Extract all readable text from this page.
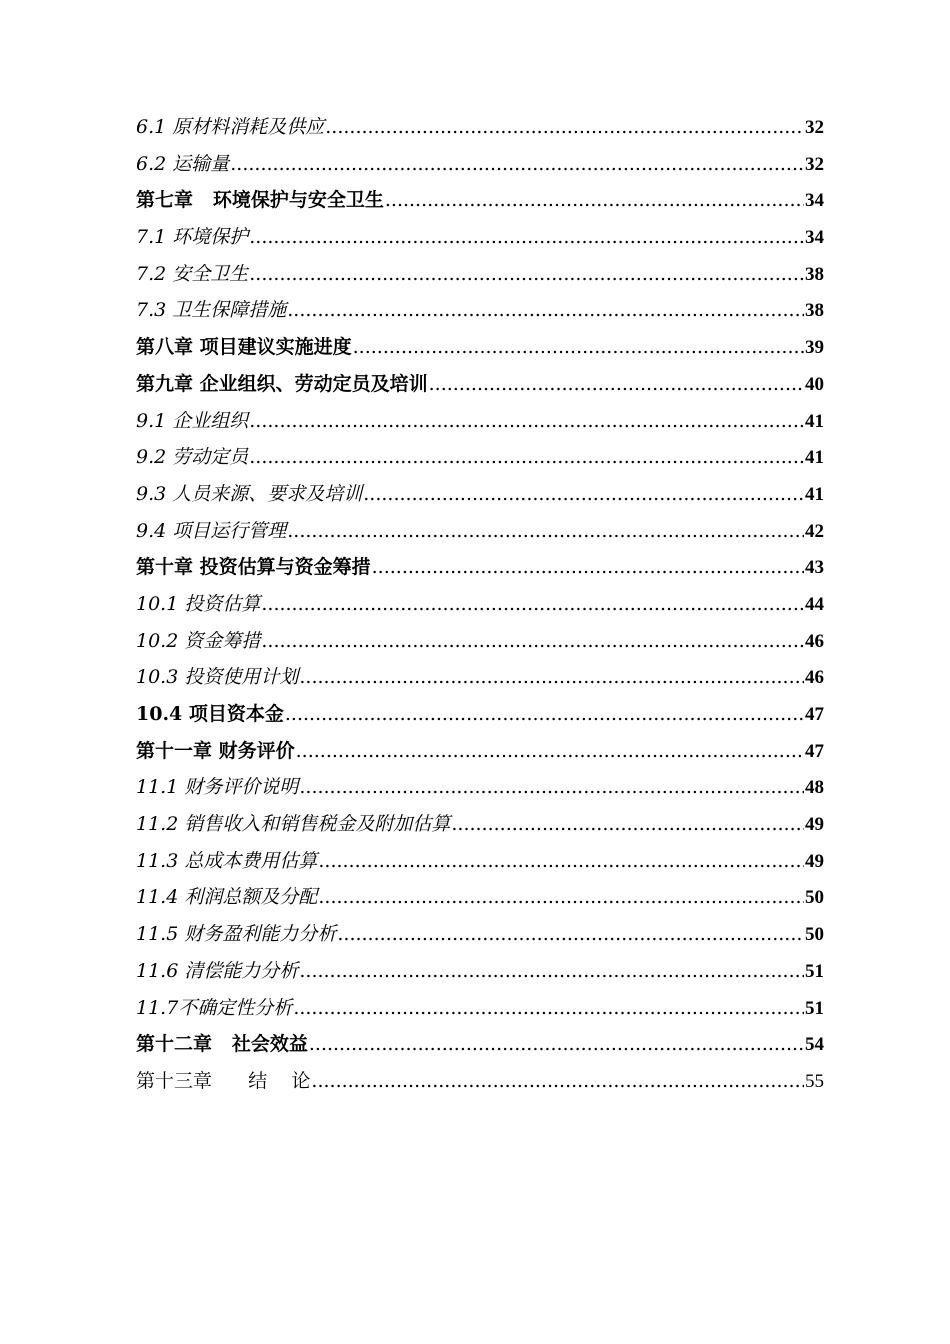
6.1 原材料消耗及供应 .....	32
6.2 运输量 .....	32
第七章   环境保护与安全卫生 .....	34
7.1 环境保护 .....	34
7.2 安全卫生 .....	38
7.3 卫生保障措施 .....	38
第八章 项目建议实施进度 .....	39
第九章 企业组织、劳动定员及培训 .....	40
9.1 企业组织 .....	41
9.2 劳动定员 .....	41
9.3 人员来源、要求及培训 .....	41
9.4 项目运行管理 .....	42
第十章 投资估算与资金筹措 .....	43
10.1 投资估算 .....	44
10.2 资金筹措 .....	46
10.3 投资使用计划 .....	46
10.4 项目资本金 .....	47
第十一章 财务评价 .....	47
11.1 财务评价说明 .....	48
11.2 销售收入和销售税金及附加估算 .....	49
11.3 总成本费用估算 .....	49
11.4 利润总额及分配 .....	50
11.5 财务盈利能力分析 .....	50
11.6 清偿能力分析 .....	51
11.7不确定性分析 .....	51
第十二章   社会效益 .....	54
第十三章      结    论 .....	55
